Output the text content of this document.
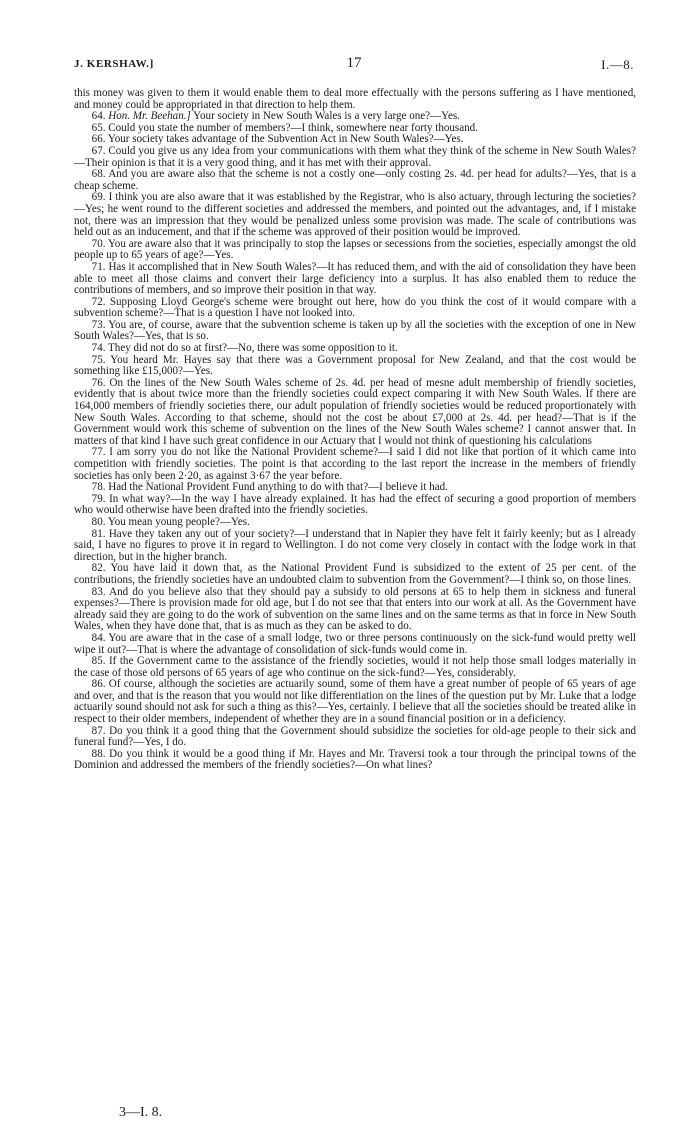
J. KERSHAW.]	17	I.—8.

this money was given to them it would enable them to deal more effectually with the persons suffering as I have mentioned, and money could be appropriated in that direction to help them.

64. Hon. Mr. Beehan.] Your society in New South Wales is a very large one?—Yes.

65. Could you state the number of members?—I think, somewhere near forty thousand.

66. Your society takes advantage of the Subvention Act in New South Wales?—Yes.

67. Could you give us any idea from your communications with them what they think of the scheme in New South Wales?—Their opinion is that it is a very good thing, and it has met with their approval.

68. And you are aware also that the scheme is not a costly one—only costing 2s. 4d. per head for adults?—Yes, that is a cheap scheme.

69. I think you are also aware that it was established by the Registrar, who is also actuary, through lecturing the societies?—Yes; he went round to the different societies and addressed the members, and pointed out the advantages, and, if I mistake not, there was an impression that they would be penalized unless some provision was made. The scale of contributions was held out as an inducement, and that if the scheme was approved of their position would be improved.

70. You are aware also that it was principally to stop the lapses or secessions from the societies, especially amongst the old people up to 65 years of age?—Yes.

71. Has it accomplished that in New South Wales?—It has reduced them, and with the aid of consolidation they have been able to meet all those claims and convert their large deficiency into a surplus. It has also enabled them to reduce the contributions of members, and so improve their position in that way.

72. Supposing Lloyd George's scheme were brought out here, how do you think the cost of it would compare with a subvention scheme?—That is a question I have not looked into.

73. You are, of course, aware that the subvention scheme is taken up by all the societies with the exception of one in New South Wales?—Yes, that is so.

74. They did not do so at first?—No, there was some opposition to it.

75. You heard Mr. Hayes say that there was a Government proposal for New Zealand, and that the cost would be something like £15,000?—Yes.

76. On the lines of the New South Wales scheme of 2s. 4d. per head of mesne adult membership of friendly societies, evidently that is about twice more than the friendly societies could expect comparing it with New South Wales. If there are 164,000 members of friendly societies there, our adult population of friendly societies would be reduced proportionately with New South Wales. According to that scheme, should not the cost be about £7,000 at 2s. 4d. per head?—That is if the Government would work this scheme of subvention on the lines of the New South Wales scheme? I cannot answer that. In matters of that kind I have such great confidence in our Actuary that I would not think of questioning his calculations

77. I am sorry you do not like the National Provident scheme?—I said I did not like that portion of it which came into competition with friendly societies. The point is that according to the last report the increase in the members of friendly societies has only been 2·20, as against 3·67 the year before.

78. Had the National Provident Fund anything to do with that?—I believe it had.

79. In what way?—In the way I have already explained. It has had the effect of securing a good proportion of members who would otherwise have been drafted into the friendly societies.

80. You mean young people?—Yes.

81. Have they taken any out of your society?—I understand that in Napier they have felt it fairly keenly; but as I already said, I have no figures to prove it in regard to Wellington. I do not come very closely in contact with the lodge work in that direction, but in the higher branch.

82. You have laid it down that, as the National Provident Fund is subsidized to the extent of 25 per cent. of the contributions, the friendly societies have an undoubted claim to subvention from the Government?—I think so, on those lines.

83. And do you believe also that they should pay a subsidy to old persons at 65 to help them in sickness and funeral expenses?—There is provision made for old age, but I do not see that that enters into our work at all. As the Government have already said they are going to do the work of subvention on the same lines and on the same terms as that in force in New South Wales, when they have done that, that is as much as they can be asked to do.

84. You are aware that in the case of a small lodge, two or three persons continuously on the sick-fund would pretty well wipe it out?—That is where the advantage of consolidation of sick-funds would come in.

85. If the Government came to the assistance of the friendly societies, would it not help those small lodges materially in the case of those old persons of 65 years of age who continue on the sick-fund?—Yes, considerably.

86. Of course, although the societies are actuarily sound, some of them have a great number of people of 65 years of age and over, and that is the reason that you would not like differentiation on the lines of the question put by Mr. Luke that a lodge actuarily sound should not ask for such a thing as this?—Yes, certainly. I believe that all the societies should be treated alike in respect to their older members, independent of whether they are in a sound financial position or in a deficiency.

87. Do you think it a good thing that the Government should subsidize the societies for old-age people to their sick and funeral fund?—Yes, I do.

88. Do you think it would be a good thing if Mr. Hayes and Mr. Traversi took a tour through the principal towns of the Dominion and addressed the members of the friendly societies?—On what lines?

3—I. 8.
